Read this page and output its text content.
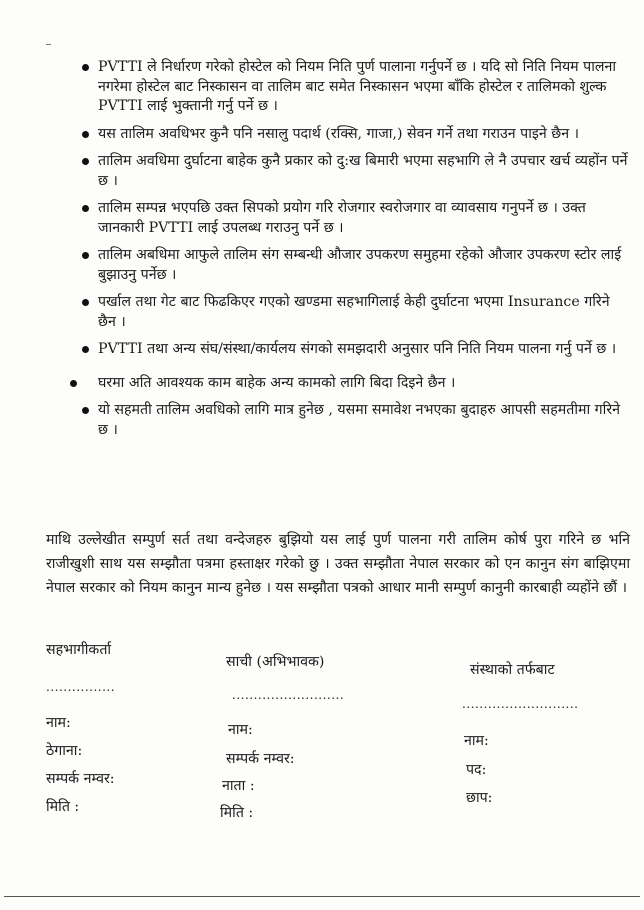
PVTTI ले निर्धारण गरेको होस्टेल को नियम निति पुर्ण पालाना गर्नुपर्ने छ । यदि सो निति नियम पालना नगरेमा होस्टेल बाट निस्कासन वा तालिम बाट समेत निस्कासन भएमा बाँकि होस्टेल र तालिमको शुल्क PVTTI लाई भुक्तानी गर्नु पर्ने छ ।
यस तालिम अवधिभर कुनै पनि नसालु पदार्थ (रक्सि, गाजा,) सेवन गर्ने तथा गराउन पाइने छैन ।
तालिम अवधिमा दुर्घाटना बाहेक कुनै प्रकार को दु:ख बिमारी भएमा सहभागि ले नै उपचार खर्च व्यहोंन पर्ने छ ।
तालिम सम्पन्न भएपछि उक्त सिपको प्रयोग गरि रोजगार स्वरोजगार वा व्यावसाय गनुपर्ने छ । उक्त जानकारी PVTTI लाई उपलब्ध गराउनु पर्ने छ ।
तालिम अबधिमा आफुले तालिम संग सम्बन्धी औजार उपकरण समुहमा रहेको औजार उपकरण स्टोर लाई बुझाउनु पर्नेछ ।
पर्खाल तथा गेट बाट फिढकिएर गएको खण्डमा सहभागिलाई केही दुर्घाटना भएमा Insurance गरिने छैन ।
PVTTI तथा अन्य संघ/संस्था/कार्यलय संगको समझदारी अनुसार पनि निति नियम पालना गर्नु पर्ने छ ।
घरमा अति आवश्यक काम बाहेक अन्य कामको लागि बिदा दिइने छैन ।
यो सहमती तालिम अवधिको लागि मात्र हुनेछ , यसमा समावेश नभएका बुदाहरु आपसी सहमतीमा गरिने छ ।

माथि उल्लेखीत सम्पुर्ण सर्त तथा वन्देजहरु बुझियो यस लाई पुर्ण पालना गरी तालिम कोर्ष पुरा गरिने छ भनि राजीखुशी साथ यस सम्झौता पत्रमा हस्ताक्षर गरेको छु । उक्त सम्झौता नेपाल सरकार को एन कानुन संग बाझिएमा नेपाल सरकार को नियम कानुन मान्य हुनेछ । यस सम्झौता पत्रको आधार मानी सम्पुर्ण कानुनी कारबाही व्यहोंने छौं ।

सहभागीकर्ता
................
नाम:
ठेगाना:
सम्पर्क नम्वर:
मिति :
साची (अभिभावक)
..........................
नाम:
सम्पर्क नम्वर:
नाता :
मिति :
संस्थाको तर्फबाट
...........................
नाम:
पद:
छाप:
